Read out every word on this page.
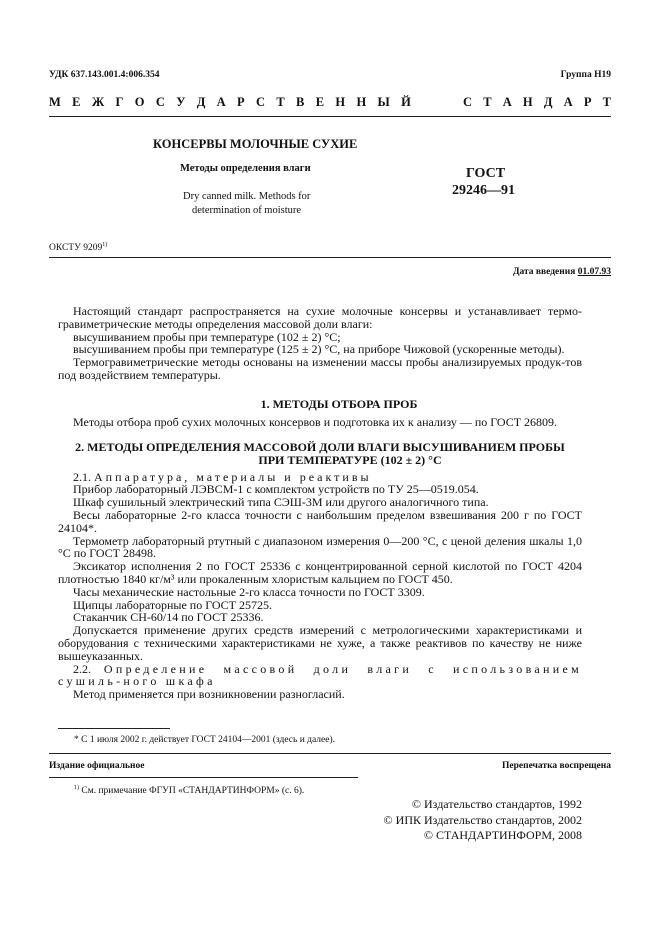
УДК 637.143.001.4:006.354	Группа Н19
М Е Ж Г О С У Д А Р С Т В Е Н Н Ы Й	С Т А Н Д А Р Т
КОНСЕРВЫ МОЛОЧНЫЕ СУХИЕ
Методы определения влаги
Dry canned milk. Methods for
determination of moisture
ГОСТ
29246—91
ОКСТУ 9209$^{1)}$
Дата введения 01.07.93

Настоящий стандарт распространяется на сухие молочные консервы и устанавливает термо-гравиметрические методы определения массовой доли влаги:

высушиванием пробы при температуре (102 ± 2) °С;

высушиванием пробы при температуре (125 ± 2) °С, на приборе Чижовой (ускоренные методы).

Термогравиметрические методы основаны на изменении массы пробы анализируемых продук-тов под воздействием температуры.

1. МЕТОДЫ ОТБОРА ПРОБ

Методы отбора проб сухих молочных консервов и подготовка их к анализу — по ГОСТ 26809.

2. МЕТОДЫ ОПРЕДЕЛЕНИЯ МАССОВОЙ ДОЛИ ВЛАГИ ВЫСУШИВАНИЕМ ПРОБЫ

ПРИ ТЕМПЕРАТУРЕ (102 ± 2) °С

2.1. Аппаратура, материалы и реактивы

Прибор лабораторный ЛЭВСМ-1 с комплектом устройств по ТУ 25—0519.054.

Шкаф сушильный электрический типа СЭШ-3М или другого аналогичного типа.

Весы лабораторные 2-го класса точности с наибольшим пределом взвешивания 200 г по ГОСТ 24104*.

Термометр лабораторный ртутный с диапазоном измерения 0—200 °С, с ценой деления шкалы 1,0 °С по ГОСТ 28498.

Эксикатор исполнения 2 по ГОСТ 25336 с концентрированной серной кислотой по ГОСТ 4204 плотностью 1840 кг/м³ или прокаленным хлористым кальцием по ГОСТ 450.

Часы механические настольные 2-го класса точности по ГОСТ 3309.

Щипцы лабораторные по ГОСТ 25725.

Стаканчик СН-60/14 по ГОСТ 25336.

Допускается применение других средств измерений с метрологическими характеристиками и оборудования с техническими характеристиками не хуже, а также реактивов по качеству не ниже вышеуказанных.

2.2. Определение массовой доли влаги с использованием сушиль-ного шкафа

Метод применяется при возникновении разногласий.

* С 1 июля 2002 г. действует ГОСТ 24104—2001 (здесь и далее).
Издание официальное	Перепечатка воспрещена
$^{1)}$ См. примечание ФГУП «СТАНДАРТИНФОРМ» (с. 6).
© Издательство стандартов, 1992
© ИПК Издательство стандартов, 2002
© СТАНДАРТИНФОРМ, 2008
